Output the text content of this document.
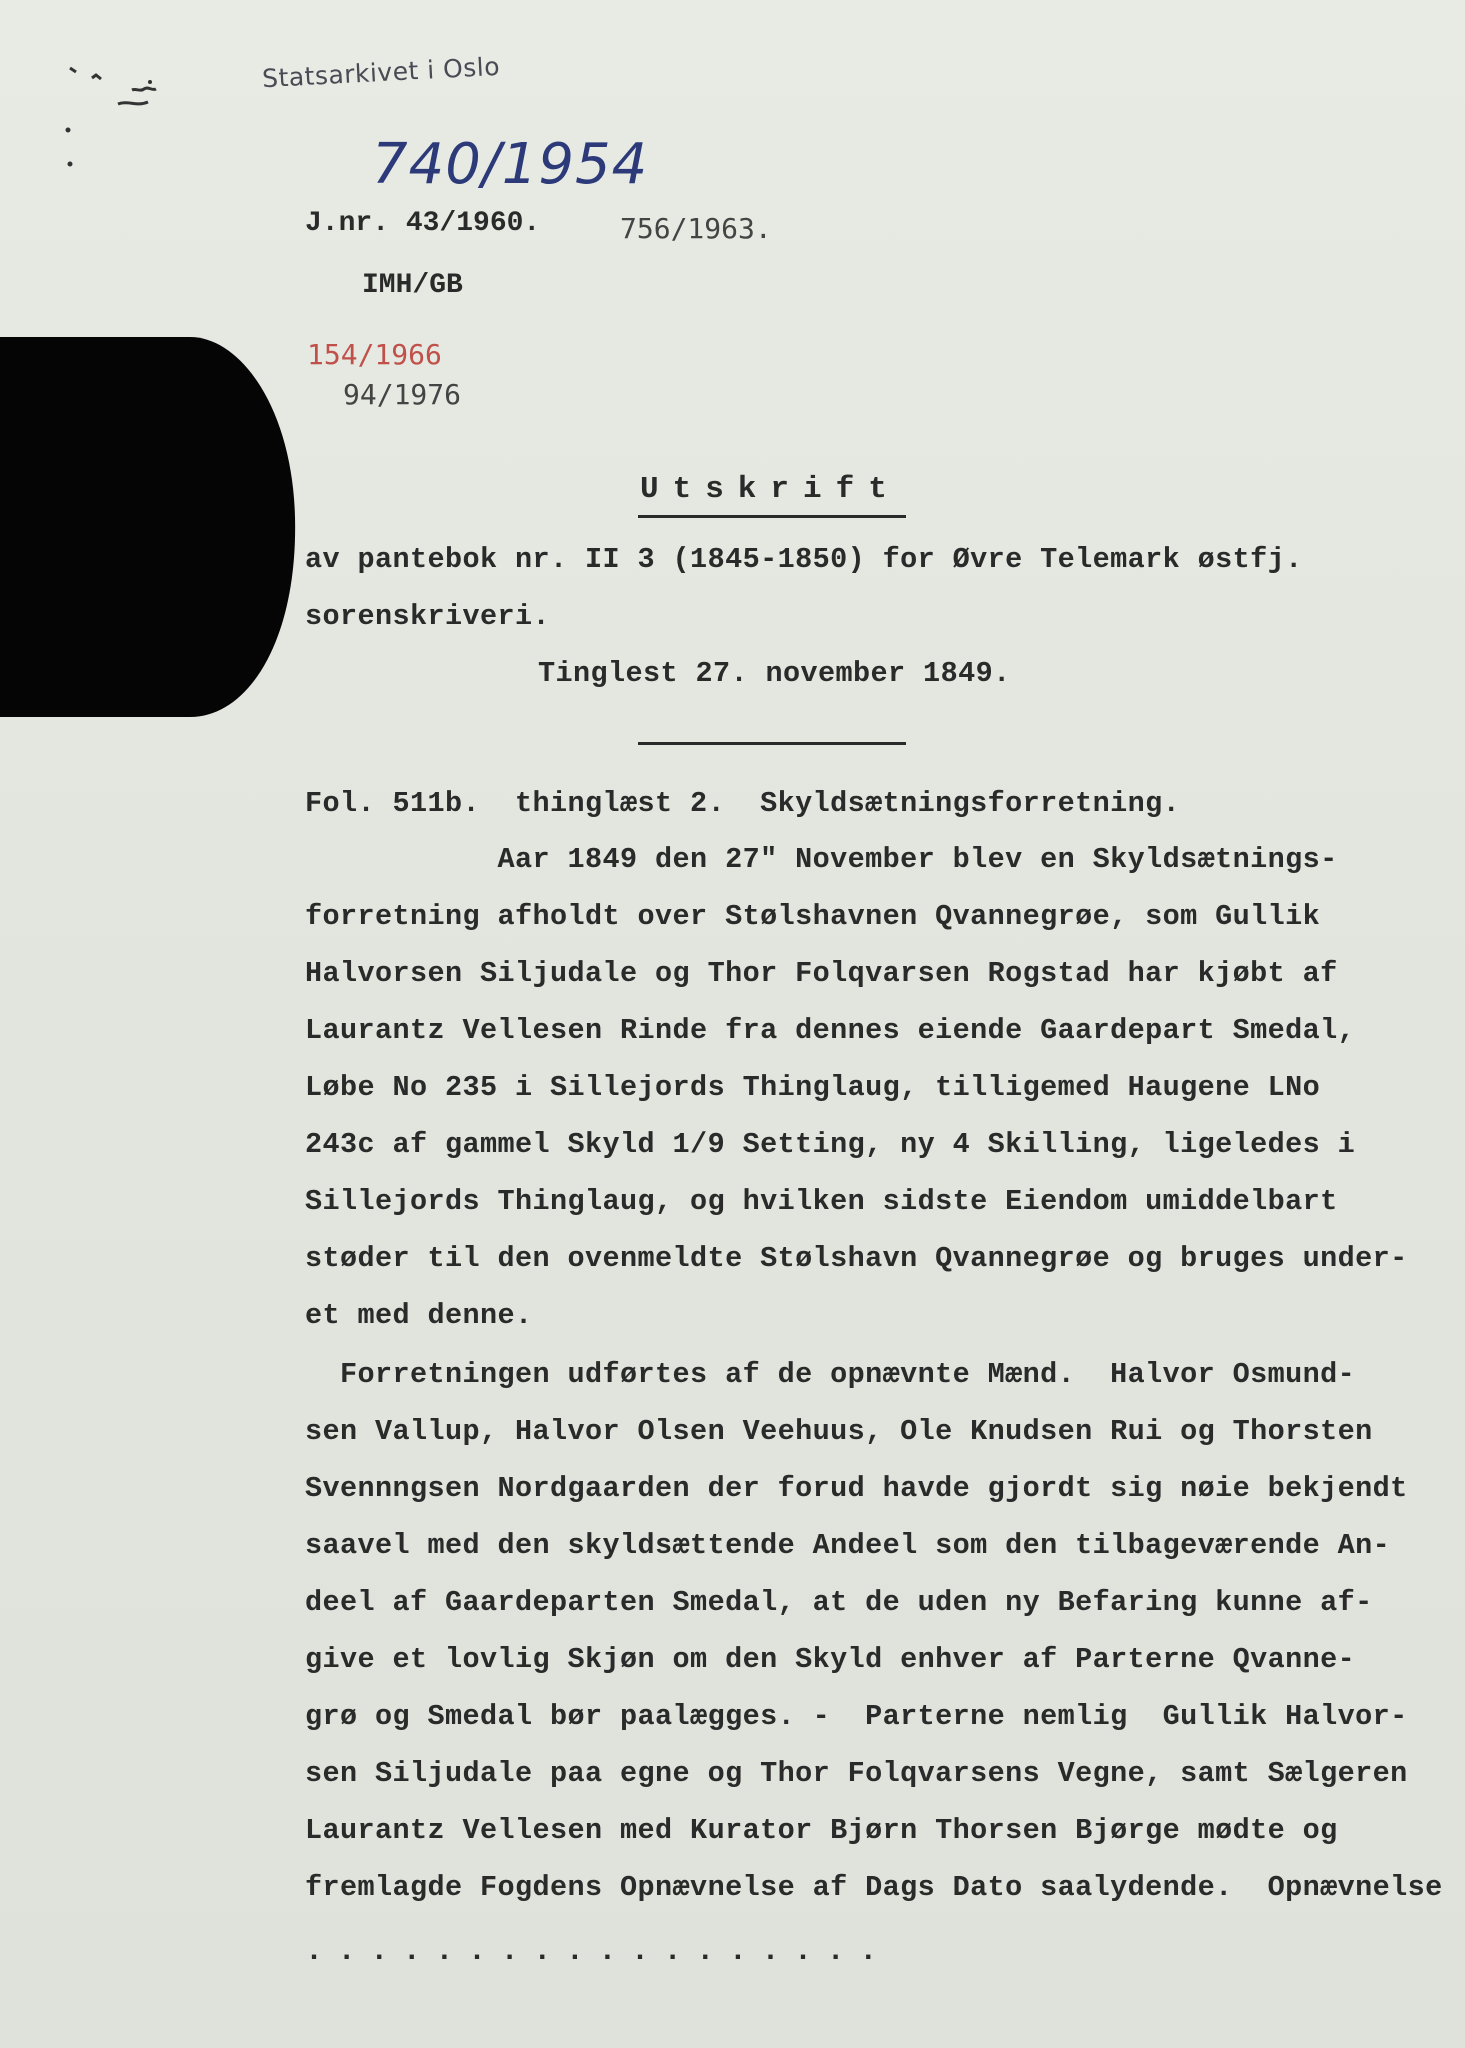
Statsarkivet i Oslo
740/1954
J.nr. 43/1960.	756/1963.
IMH/GB
154/1966
94/1976
Utskrift
av pantebok nr. II 3 (1845-1850) for Øvre Telemark østfj.
sorenskriveri.
Tinglest 27. november 1849.
Fol. 511b.  thinglæst 2.  Skyldsætningsforretning.
Aar 1849 den 27" November blev en Skyldsætnings-
forretning afholdt over Stølshavnen Qvannegrøe, som Gullik
Halvorsen Siljudale og Thor Folqvarsen Rogstad har kjøbt af
Laurantz Vellesen Rinde fra dennes eiende Gaardepart Smedal,
Løbe No 235 i Sillejords Thinglaug, tilligemed Haugene LNo
243c af gammel Skyld 1/9 Setting, ny 4 Skilling, ligeledes i
Sillejords Thinglaug, og hvilken sidste Eiendom umiddelbart
støder til den ovenmeldte Stølshavn Qvannegrøe og bruges under-
et med denne.
Forretningen udførtes af de opnævnte Mænd.  Halvor Osmund-
sen Vallup, Halvor Olsen Veehuus, Ole Knudsen Rui og Thorsten
Svennngsen Nordgaarden der forud havde gjordt sig nøie bekjendt
saavel med den skyldsættende Andeel som den tilbageværende An-
deel af Gaardeparten Smedal, at de uden ny Befaring kunne af-
give et lovlig Skjøn om den Skyld enhver af Parterne Qvanne-
grø og Smedal bør paalægges. -  Parterne nemlig  Gullik Halvor-
sen Siljudale paa egne og Thor Folqvarsens Vegne, samt Sælgeren
Laurantz Vellesen med Kurator Bjørn Thorsen Bjørge mødte og
fremlagde Fogdens Opnævnelse af Dags Dato saalydende.  Opnævnelse
..................
